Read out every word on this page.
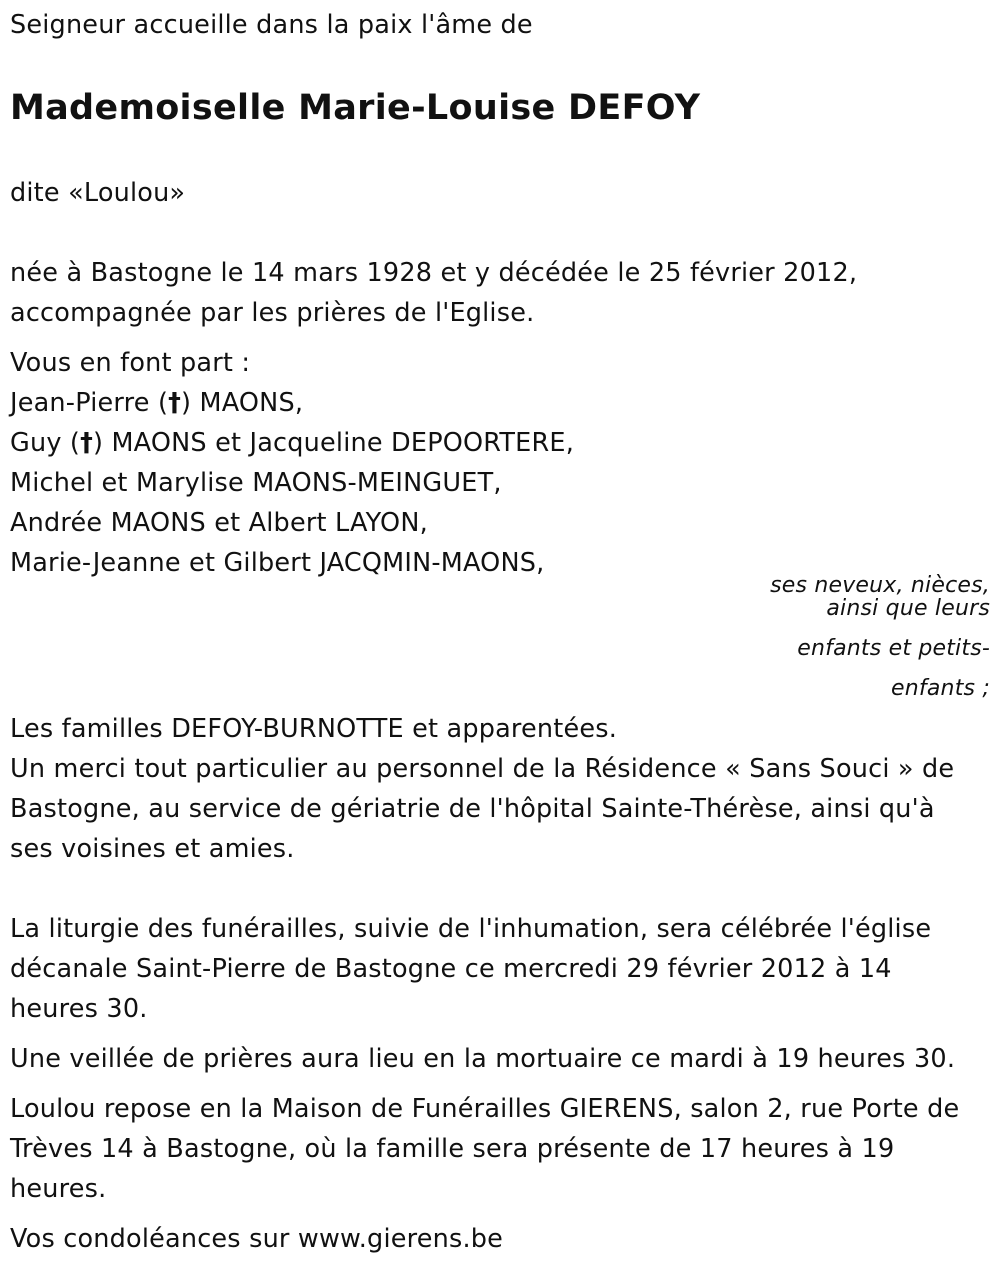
Seigneur accueille dans la paix l'âme de
Mademoiselle Marie-Louise DEFOY
dite «Loulou»
née à Bastogne le 14 mars 1928 et y décédée le 25 février 2012,
accompagnée par les prières de l'Eglise.
Vous en font part :
Jean-Pierre (†) MAONS,
Guy (†) MAONS et Jacqueline DEPOORTERE,
Michel et Marylise MAONS-MEINGUET,
Andrée MAONS et Albert LAYON,
Marie-Jeanne et Gilbert JACQMIN-MAONS,
ses neveux, nièces,
ainsi que leurs
enfants et petits-
enfants ;
Les familles DEFOY-BURNOTTE et apparentées.
Un merci tout particulier au personnel de la Résidence « Sans Souci » de
Bastogne, au service de gériatrie de l'hôpital Sainte-Thérèse, ainsi qu'à
ses voisines et amies.
La liturgie des funérailles, suivie de l'inhumation, sera célébrée l'église
décanale Saint-Pierre de Bastogne ce mercredi 29 février 2012 à 14
heures 30.
Une veillée de prières aura lieu en la mortuaire ce mardi à 19 heures 30.
Loulou repose en la Maison de Funérailles GIERENS, salon 2, rue Porte de
Trèves 14 à Bastogne, où la famille sera présente de 17 heures à 19
heures.
Vos condoléances sur www.gierens.be
